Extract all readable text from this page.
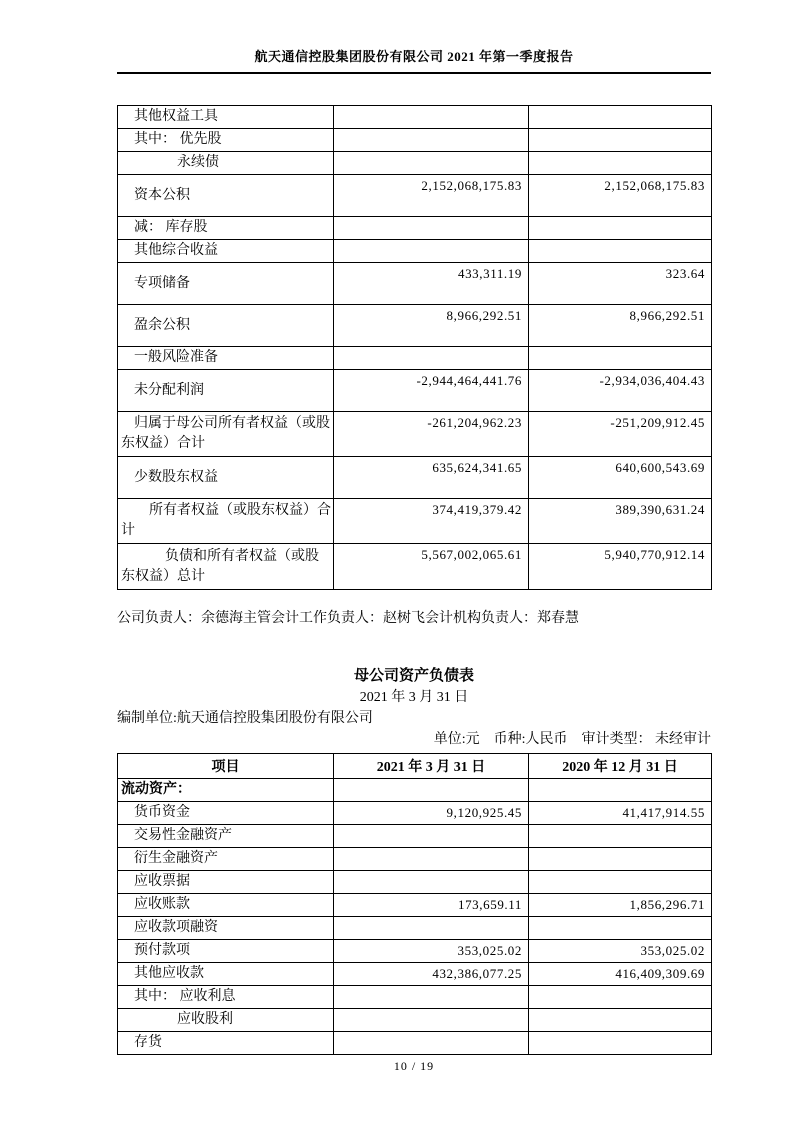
航天通信控股集团股份有限公司 2021 年第一季度报告
其他权益工具		

其中： 优先股		

永续债		

资本公积	2,152,068,175.83	2,152,068,175.83

减： 库存股		

其他综合收益		

专项储备	433,311.19	323.64

盈余公积	8,966,292.51	8,966,292.51

一般风险准备		

未分配利润	-2,944,464,441.76	-2,934,036,404.43

归属于母公司所有者权益（或股东权益）合计	-261,204,962.23	-251,209,912.45

少数股东权益	635,624,341.65	640,600,543.69

所有者权益（或股东权益）合计	374,419,379.42	389,390,631.24

负债和所有者权益（或股东权益）总计	5,567,002,065.61	5,940,770,912.14
公司负责人：余德海主管会计工作负责人：赵树飞会计机构负责人：郑春慧
母公司资产负债表
2021 年 3 月 31 日
编制单位:航天通信控股集团股份有限公司
单位:元　币种:人民币　审计类型： 未经审计
项目	2021 年 3 月 31 日	2020 年 12 月 31 日

流动资产：		

货币资金	9,120,925.45	41,417,914.55

交易性金融资产		

衍生金融资产		

应收票据		

应收账款	173,659.11	1,856,296.71

应收款项融资		

预付款项	353,025.02	353,025.02

其他应收款	432,386,077.25	416,409,309.69

其中： 应收利息		

应收股利		

存货		

10 / 19
